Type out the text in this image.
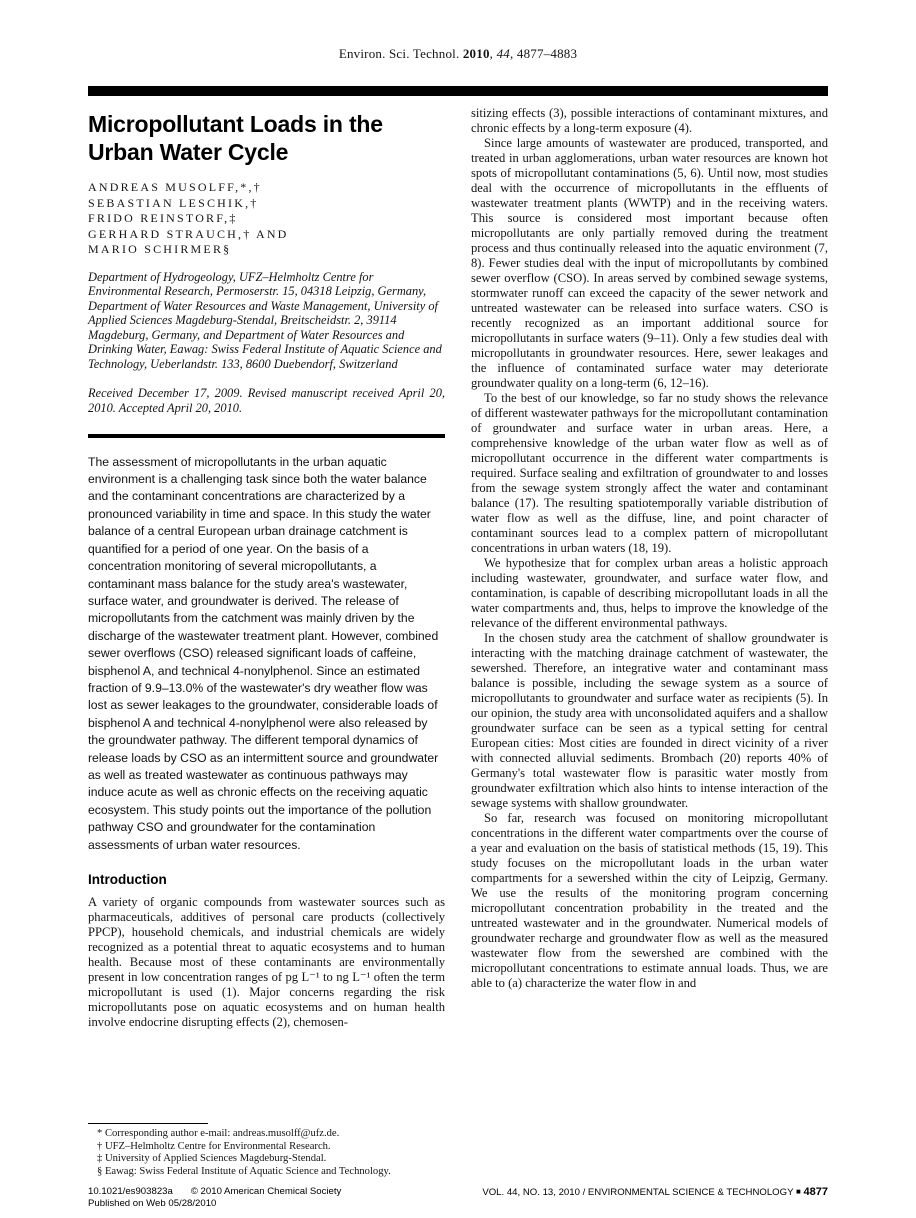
Environ. Sci. Technol. 2010, 44, 4877–4883
Micropollutant Loads in the Urban Water Cycle
ANDREAS MUSOLFF,*,†
SEBASTIAN LESCHIK,†
FRIDO REINSTORF,‡
GERHARD STRAUCH,† AND
MARIO SCHIRMER§

Department of Hydrogeology, UFZ–Helmholtz Centre for Environmental Research, Permoserstr. 15, 04318 Leipzig, Germany, Department of Water Resources and Waste Management, University of Applied Sciences Magdeburg-Stendal, Breitscheidstr. 2, 39114 Magdeburg, Germany, and Department of Water Resources and Drinking Water, Eawag: Swiss Federal Institute of Aquatic Science and Technology, Ueberlandstr. 133, 8600 Duebendorf, Switzerland

Received December 17, 2009. Revised manuscript received April 20, 2010. Accepted April 20, 2010.

The assessment of micropollutants in the urban aquatic environment is a challenging task since both the water balance and the contaminant concentrations are characterized by a pronounced variability in time and space. In this study the water balance of a central European urban drainage catchment is quantified for a period of one year. On the basis of a concentration monitoring of several micropollutants, a contaminant mass balance for the study area's wastewater, surface water, and groundwater is derived. The release of micropollutants from the catchment was mainly driven by the discharge of the wastewater treatment plant. However, combined sewer overflows (CSO) released significant loads of caffeine, bisphenol A, and technical 4-nonylphenol. Since an estimated fraction of 9.9–13.0% of the wastewater's dry weather flow was lost as sewer leakages to the groundwater, considerable loads of bisphenol A and technical 4-nonylphenol were also released by the groundwater pathway. The different temporal dynamics of release loads by CSO as an intermittent source and groundwater as well as treated wastewater as continuous pathways may induce acute as well as chronic effects on the receiving aquatic ecosystem. This study points out the importance of the pollution pathway CSO and groundwater for the contamination assessments of urban water resources.

Introduction

A variety of organic compounds from wastewater sources such as pharmaceuticals, additives of personal care products (collectively PPCP), household chemicals, and industrial chemicals are widely recognized as a potential threat to aquatic ecosystems and to human health. Because most of these contaminants are environmentally present in low concentration ranges of pg L⁻¹ to ng L⁻¹ often the term micropollutant is used (1). Major concerns regarding the risk micropollutants pose on aquatic ecosystems and on human health involve endocrine disrupting effects (2), chemosen-

sitizing effects (3), possible interactions of contaminant mixtures, and chronic effects by a long-term exposure (4).

Since large amounts of wastewater are produced, transported, and treated in urban agglomerations, urban water resources are known hot spots of micropollutant contaminations (5, 6). Until now, most studies deal with the occurrence of micropollutants in the effluents of wastewater treatment plants (WWTP) and in the receiving waters. This source is considered most important because often micropollutants are only partially removed during the treatment process and thus continually released into the aquatic environment (7, 8). Fewer studies deal with the input of micropollutants by combined sewer overflow (CSO). In areas served by combined sewage systems, stormwater runoff can exceed the capacity of the sewer network and untreated wastewater can be released into surface waters. CSO is recently recognized as an important additional source for micropollutants in surface waters (9–11). Only a few studies deal with micropollutants in groundwater resources. Here, sewer leakages and the influence of contaminated surface water may deteriorate groundwater quality on a long-term (6, 12–16).

To the best of our knowledge, so far no study shows the relevance of different wastewater pathways for the micropollutant contamination of groundwater and surface water in urban areas. Here, a comprehensive knowledge of the urban water flow as well as of micropollutant occurrence in the different water compartments is required. Surface sealing and exfiltration of groundwater to and losses from the sewage system strongly affect the water and contaminant balance (17). The resulting spatiotemporally variable distribution of water flow as well as the diffuse, line, and point character of contaminant sources lead to a complex pattern of micropollutant concentrations in urban waters (18, 19).

We hypothesize that for complex urban areas a holistic approach including wastewater, groundwater, and surface water flow, and contamination, is capable of describing micropollutant loads in all the water compartments and, thus, helps to improve the knowledge of the relevance of the different environmental pathways.

In the chosen study area the catchment of shallow groundwater is interacting with the matching drainage catchment of wastewater, the sewershed. Therefore, an integrative water and contaminant mass balance is possible, including the sewage system as a source of micropollutants to groundwater and surface water as recipients (5). In our opinion, the study area with unconsolidated aquifers and a shallow groundwater surface can be seen as a typical setting for central European cities: Most cities are founded in direct vicinity of a river with connected alluvial sediments. Brombach (20) reports 40% of Germany's total wastewater flow is parasitic water mostly from groundwater exfiltration which also hints to intense interaction of the sewage systems with shallow groundwater.

So far, research was focused on monitoring micropollutant concentrations in the different water compartments over the course of a year and evaluation on the basis of statistical methods (15, 19). This study focuses on the micropollutant loads in the urban water compartments for a sewershed within the city of Leipzig, Germany. We use the results of the monitoring program concerning micropollutant concentration probability in the treated and the untreated wastewater and in the groundwater. Numerical models of groundwater recharge and groundwater flow as well as the measured wastewater flow from the sewershed are combined with the micropollutant concentrations to estimate annual loads. Thus, we are able to (a) characterize the water flow in and

* Corresponding author e-mail: andreas.musolff@ufz.de.
† UFZ–Helmholtz Centre for Environmental Research.
‡ University of Applied Sciences Magdeburg-Stendal.
§ Eawag: Swiss Federal Institute of Aquatic Science and Technology.
10.1021/es903823a © 2010 American Chemical Society
Published on Web 05/28/2010
VOL. 44, NO. 13, 2010 / ENVIRONMENTAL SCIENCE & TECHNOLOGY ■ 4877
